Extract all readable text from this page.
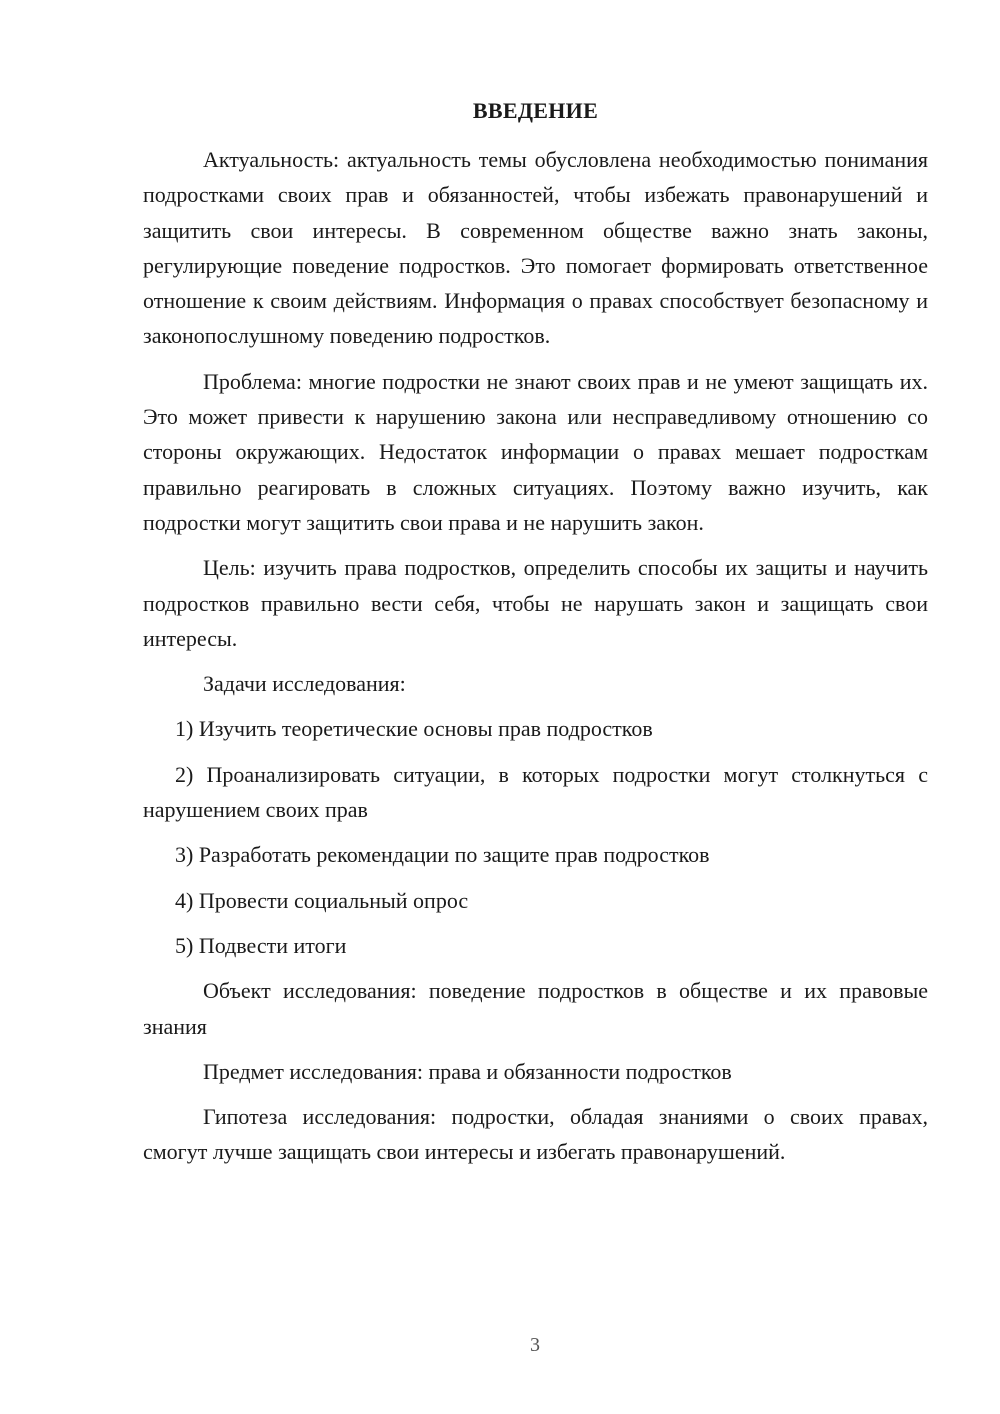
ВВЕДЕНИЕ

Актуальность: актуальность темы обусловлена необходимостью понимания подростками своих прав и обязанностей, чтобы избежать правонарушений и защитить свои интересы. В современном обществе важно знать законы, регулирующие поведение подростков. Это помогает формировать ответственное отношение к своим действиям. Информация о правах способствует безопасному и законопослушному поведению подростков.

Проблема: многие подростки не знают своих прав и не умеют защищать их. Это может привести к нарушению закона или несправедливому отношению со стороны окружающих. Недостаток информации о правах мешает подросткам правильно реагировать в сложных ситуациях. Поэтому важно изучить, как подростки могут защитить свои права и не нарушить закон.

Цель: изучить права подростков, определить способы их защиты и научить подростков правильно вести себя, чтобы не нарушать закон и защищать свои интересы.

Задачи исследования:

1) Изучить теоретические основы прав подростков

2) Проанализировать ситуации, в которых подростки могут столкнуться с нарушением своих прав

3) Разработать рекомендации по защите прав подростков

4) Провести социальный опрос

5) Подвести итоги

Объект исследования: поведение подростков в обществе и их правовые знания

Предмет исследования: права и обязанности подростков

Гипотеза исследования: подростки, обладая знаниями о своих правах, смогут лучше защищать свои интересы и избегать правонарушений.

3
